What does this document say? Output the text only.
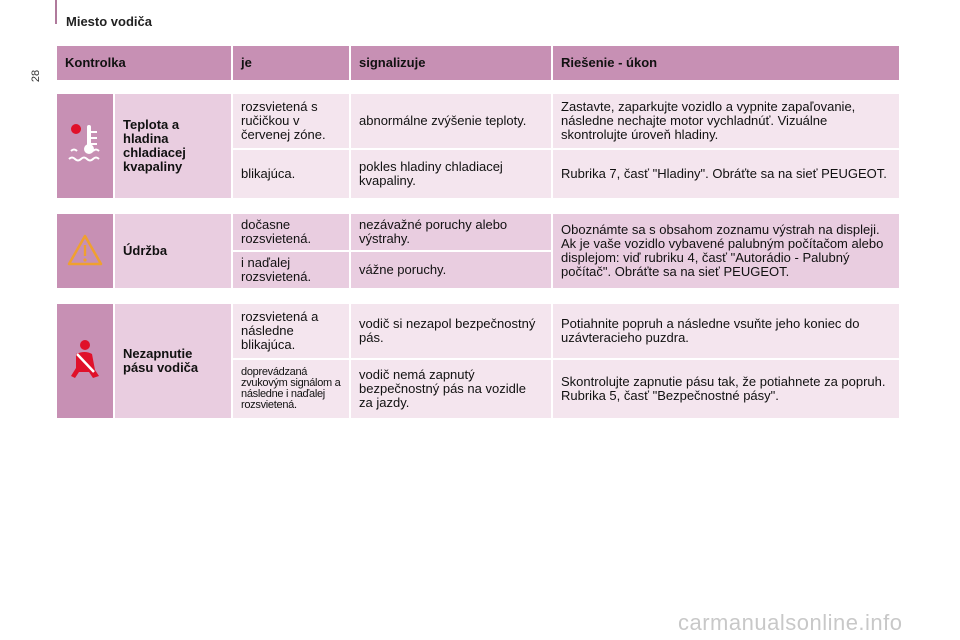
28
Miesto vodiča
Kontrolka		je	signalizuje	Riešenie - úkon

	Teplota a hladina chladiacej kvapaliny	rozsvietená s ručičkou v červenej zóne.	abnormálne zvýšenie teploty.	Zastavte, zaparkujte vozidlo a vypnite zapaľovanie, následne nechajte motor vychladnúť. Vizuálne skontrolujte úroveň hladiny.
		blikajúca.	pokles hladiny chladiacej kvapaliny.	Rubrika 7, časť "Hladiny". Obráťte sa na sieť PEUGEOT.

	Údržba	dočasne rozsvietená.	nezávažné poruchy alebo výstrahy.	Oboznámte sa s obsahom zoznamu výstrah na displeji. Ak je vaše vozidlo vybavené palubným počítačom alebo displejom: viď rubriku 4, časť "Autorádio - Palubný počítač". Obráťte sa na sieť PEUGEOT.
		i naďalej rozsvietená.	vážne poruchy.	

	Nezapnutie pásu vodiča	rozsvietená a následne blikajúca.	vodič si nezapol bezpečnostný pás.	Potiahnite popruh a následne vsuňte jeho koniec do uzávteracieho puzdra.
		doprevádzaná zvukovým signálom a následne i naďalej rozsvietená.	vodič nemá zapnutý bezpečnostný pás na vozidle za jazdy.	Skontrolujte zapnutie pásu tak, že potiahnete za popruh. Rubrika 5, časť "Bezpečnostné pásy".
carmanualsonline.info
